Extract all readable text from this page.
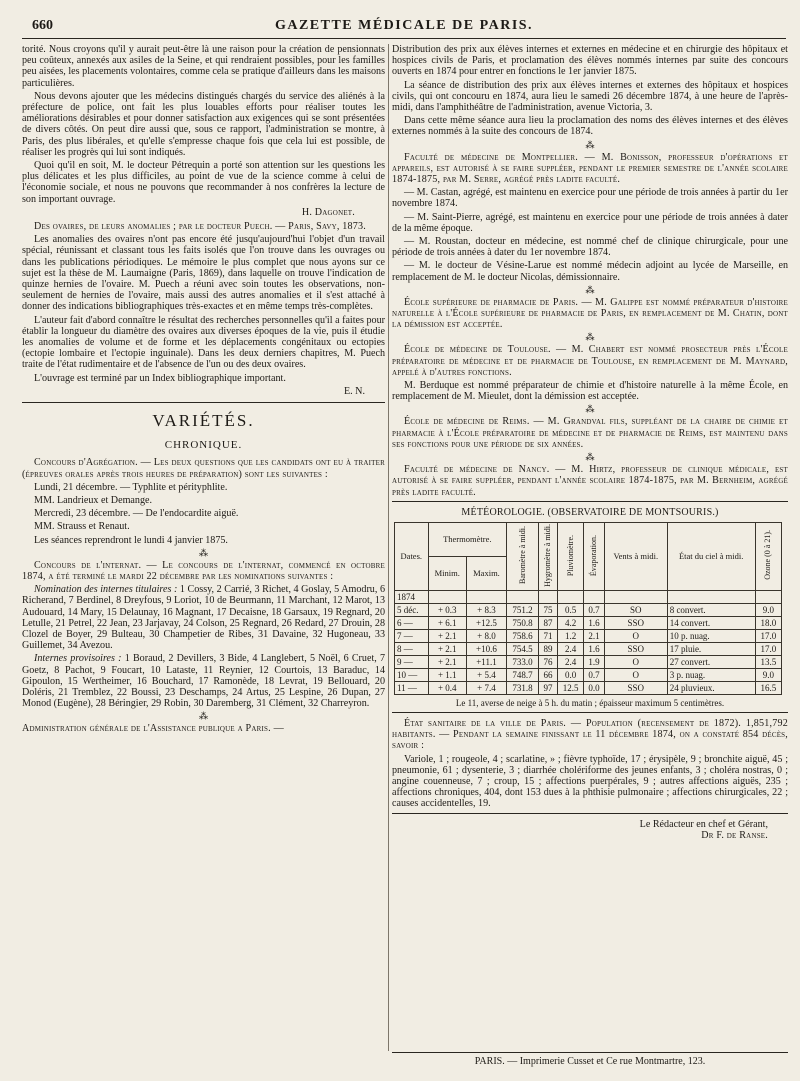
660	GAZETTE MÉDICALE DE PARIS.

torité. Nous croyons qu'il y aurait peut-être là une raison pour la création de pensionnats peu coûteux, annexés aux asiles de la Seine, et qui rendraient possibles, pour les familles peu aisées, les placements volontaires, comme cela se pratique d'ailleurs dans les maisons particulières.

Nous devons ajouter que les médecins distingués chargés du service des aliénés à la préfecture de police, ont fait les plus louables efforts pour réaliser toutes les améliorations désirables et pour donner satisfaction aux exigences qui se sont présentées de divers côtés. On peut dire aussi que, sous ce rapport, l'administration se montre, à Paris, des plus libérales, et qu'elle s'empresse chaque fois que cela lui est possible, de réaliser les progrès qui lui sont indiqués.

Quoi qu'il en soit, M. le docteur Pétrequin a porté son attention sur les questions les plus délicates et les plus difficiles, au point de vue de la science comme à celui de l'économie sociale, et nous ne pouvons que recommander à nos confrères la lecture de son important ouvrage.

H. Dagonet.

Des ovaires, de leurs anomalies ; par le docteur Puech. — Paris, Savy, 1873.

Les anomalies des ovaires n'ont pas encore été jusqu'aujourd'hui l'objet d'un travail spécial, réunissant et classant tous les faits isolés que l'on trouve dans les ouvrages ou dans les publications périodiques. Le mémoire le plus complet que nous ayons sur ce sujet est la thèse de M. Laumaigne (Paris, 1869), dans laquelle on trouve l'indication de quinze hernies de l'ovaire. M. Puech a réuni avec soin toutes les observations, non-seulement de hernies de l'ovaire, mais aussi des autres anomalies et il s'est attaché à donner des indications bibliographiques très-exactes et en même temps très-complètes.

L'auteur fait d'abord connaître le résultat des recherches personnelles qu'il a faites pour établir la longueur du diamètre des ovaires aux diverses époques de la vie, puis il étudie les anomalies de volume et de forme et les déplacements congénitaux ou ectopies (ectopie lombaire et l'ectopie inguinale). Dans les deux derniers chapitres, M. Puech traite de l'état rudimentaire et de l'absence de l'un ou des deux ovaires.

L'ouvrage est terminé par un Index bibliographique important.

E. N.
VARIÉTÉS.
CHRONIQUE.

Concours d'Agrégation. — Les deux questions que les candidats ont eu à traiter (épreuves orales après trois heures de préparation) sont les suivantes :

Lundi, 21 décembre. — Typhlite et pérityphlite.

MM. Landrieux et Demange.

Mercredi, 23 décembre. — De l'endocardite aiguë.

MM. Strauss et Renaut.

Les séances reprendront le lundi 4 janvier 1875.

⁂

Concours de l'internat. — Le concours de l'internat, commencé en octobre 1874, a été terminé le mardi 22 décembre par les nominations suivantes :

Nomination des internes titulaires : 1 Cossy, 2 Carrié, 3 Richet, 4 Goslay, 5 Amodru, 6 Richerand, 7 Berdinel, 8 Dreyfous, 9 Loriot, 10 de Beurmann, 11 Marchant, 12 Marot, 13 Audouard, 14 Mary, 15 Delaunay, 16 Magnant, 17 Decaisne, 18 Garsaux, 19 Regnard, 20 Letulle, 21 Petrel, 22 Jean, 23 Jarjavay, 24 Colson, 25 Regnard, 26 Redard, 27 Drouin, 28 Clozel de Boyer, 29 Bulteau, 30 Champetier de Ribes, 31 Davaine, 32 Hugoneau, 33 Guillemet, 34 Avezou.

Internes provisoires : 1 Boraud, 2 Devillers, 3 Bide, 4 Langlebert, 5 Noël, 6 Cruet, 7 Goetz, 8 Pachot, 9 Foucart, 10 Lataste, 11 Reynier, 12 Courtois, 13 Baraduc, 14 Gipoulon, 15 Wertheimer, 16 Bouchard, 17 Ramonède, 18 Levrat, 19 Bellouard, 20 Doléris, 21 Tremblez, 22 Boussi, 23 Deschamps, 24 Artus, 25 Lespine, 26 Dupan, 27 Monod (Eugène), 28 Béringier, 29 Robin, 30 Daremberg, 31 Clément, 32 Charreyron.

⁂

Administration générale de l'Assistance publique a Paris. —

Distribution des prix aux élèves internes et externes en médecine et en chirurgie des hôpitaux et hospices civils de Paris, et proclamation des élèves nommés internes par suite des concours ouverts en 1874 pour entrer en fonctions le 1er janvier 1875.

La séance de distribution des prix aux élèves internes et externes des hôpitaux et hospices civils, qui ont concouru en 1874, aura lieu le samedi 26 décembre 1874, à une heure de l'après-midi, dans l'amphithéâtre de l'administration, avenue Victoria, 3.

Dans cette même séance aura lieu la proclamation des noms des élèves internes et des élèves externes nommés à la suite des concours de 1874.

⁂

Faculté de médecine de Montpellier. — M. Bonisson, professeur d'opérations et appareils, est autorisé à se faire suppléer, pendant le premier semestre de l'année scolaire 1874-1875, par M. Serre, agrégé près ladite faculté.

— M. Castan, agrégé, est maintenu en exercice pour une période de trois années à partir du 1er novembre 1874.

— M. Saint-Pierre, agrégé, est maintenu en exercice pour une période de trois années à dater de la même époque.

— M. Roustan, docteur en médecine, est nommé chef de clinique chirurgicale, pour une période de trois années à dater du 1er novembre 1874.

— M. le docteur de Vésine-Larue est nommé médecin adjoint au lycée de Marseille, en remplacement de M. le docteur Nicolas, démissionnaire.

⁂

École supérieure de pharmacie de Paris. — M. Galippe est nommé préparateur d'histoire naturelle à l'École supérieure de pharmacie de Paris, en remplacement de M. Chatin, dont la démission est acceptée.

⁂

École de médecine de Toulouse. — M. Chabert est nommé prosecteur près l'École préparatoire de médecine et de pharmacie de Toulouse, en remplacement de M. Maynard, appelé à d'autres fonctions.

M. Berduque est nommé préparateur de chimie et d'histoire naturelle à la même École, en remplacement de M. Mieulet, dont la démission est acceptée.

⁂

École de médecine de Reims. — M. Grandval fils, suppléant de la chaire de chimie et pharmacie à l'École préparatoire de médecine et de pharmacie de Reims, est maintenu dans ses fonctions pour une période de six années.

⁂

Faculté de médecine de Nancy. — M. Hirtz, professeur de clinique médicale, est autorisé à se faire suppléer, pendant l'année scolaire 1874-1875, par M. Bernheim, agrégé près ladite faculté.

MÉTÉOROLOGIE. (OBSERVATOIRE DE MONTSOURIS.)
Dates.	Thermomètre.		Baromètre à midi.	Hygromètre à midi.	Pluviomètre.	Évaporation.	Vents à midi.	État du ciel à midi.	Ozone (0 à 21).
	Minim.	Maxim.							
1874									
5 déc.	+ 0.3	+ 8.3	751.2	75	0.5	0.7	SO	8 convert.	9.0
6 —	+ 6.1	+12.5	750.8	87	4.2	1.6	SSO	14 convert.	18.0
7 —	+ 2.1	+ 8.0	758.6	71	1.2	2.1	O	10 p. nuag.	17.0
8 —	+ 2.1	+10.6	754.5	89	2.4	1.6	SSO	17 pluie.	17.0
9 —	+ 2.1	+11.1	733.0	76	2.4	1.9	O	27 convert.	13.5
10 —	+ 1.1	+ 5.4	748.7	66	0.0	0.7	O	3 p. nuag.	9.0
11 —	+ 0.4	+ 7.4	731.8	97	12.5	0.0	SSO	24 pluvieux.	16.5
Le 11, averse de neige à 5 h. du matin ; épaisseur maximum 5 centimètres.

État sanitaire de la ville de Paris. — Population (recensement de 1872). 1,851,792 habitants. — Pendant la semaine finissant le 11 décembre 1874, on a constaté 854 décès, savoir :

Variole, 1 ; rougeole, 4 ; scarlatine, » ; fièvre typhoïde, 17 ; érysipèle, 9 ; bronchite aiguë, 45 ; pneumonie, 61 ; dysenterie, 3 ; diarrhée cholériforme des jeunes enfants, 3 ; choléra nostras, 0 ; angine couenneuse, 7 ; croup, 15 ; affections puerpérales, 9 ; autres affections aiguës, 235 ; affections chroniques, 404, dont 153 dues à la phthisie pulmonaire ; affections chirurgicales, 22 ; causes accidentelles, 19.

Le Rédacteur en chef et Gérant,
Dr F. de Ranse.
PARIS. — Imprimerie Cusset et Ce rue Montmartre, 123.
